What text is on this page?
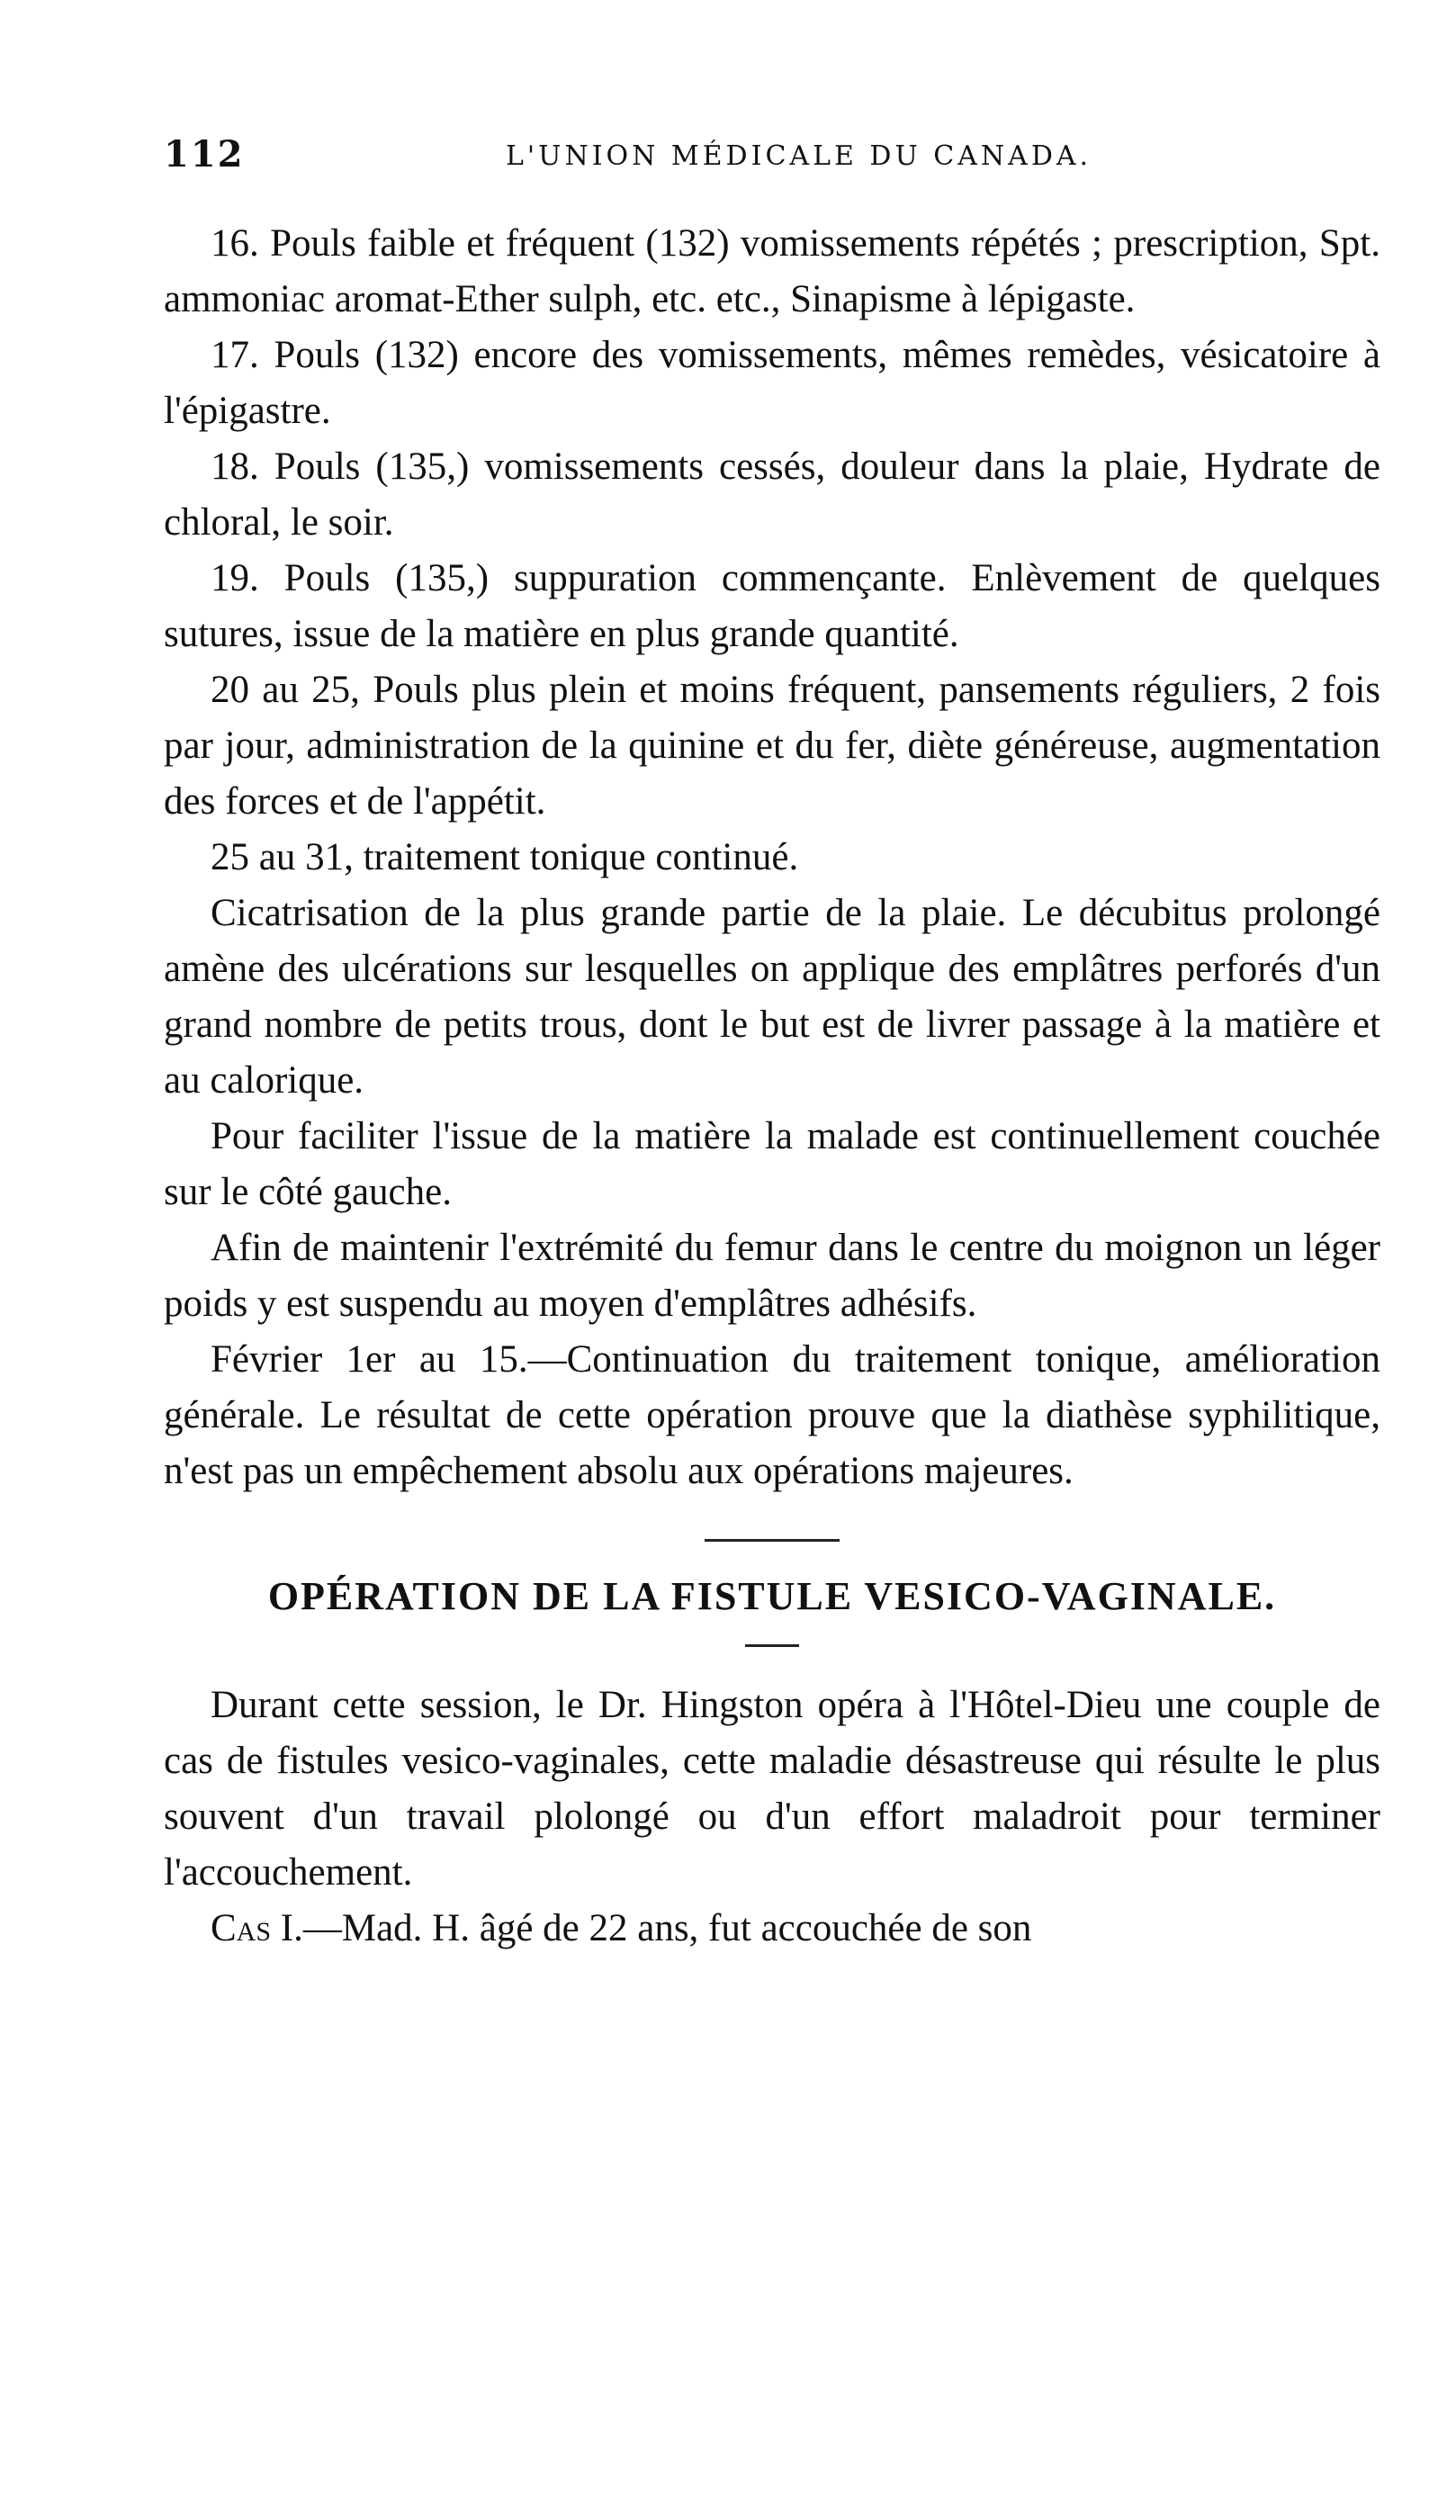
112	L'UNION MÉDICALE DU CANADA.

16. Pouls faible et fréquent (132) vomissements répétés ; prescription, Spt. ammoniac aromat-Ether sulph, etc. etc., Sinapisme à lépigaste.

17. Pouls (132) encore des vomissements, mêmes remèdes, vésicatoire à l'épigastre.

18. Pouls (135,) vomissements cessés, douleur dans la plaie, Hydrate de chloral, le soir.

19. Pouls (135,) suppuration commençante. Enlèvement de quelques sutures, issue de la matière en plus grande quantité.

20 au 25, Pouls plus plein et moins fréquent, pansements réguliers, 2 fois par jour, administration de la quinine et du fer, diète généreuse, augmentation des forces et de l'appétit.

25 au 31, traitement tonique continué.

Cicatrisation de la plus grande partie de la plaie. Le décubitus prolongé amène des ulcérations sur lesquelles on applique des emplâtres perforés d'un grand nombre de petits trous, dont le but est de livrer passage à la matière et au calorique.

Pour faciliter l'issue de la matière la malade est continuellement couchée sur le côté gauche.

Afin de maintenir l'extrémité du femur dans le centre du moignon un léger poids y est suspendu au moyen d'emplâtres adhésifs.

Février 1er au 15.—Continuation du traitement tonique, amélioration générale. Le résultat de cette opération prouve que la diathèse syphilitique, n'est pas un empêchement absolu aux opérations majeures.

OPÉRATION DE LA FISTULE VESICO-VAGINALE.

Durant cette session, le Dr. Hingston opéra à l'Hôtel-Dieu une couple de cas de fistules vesico-vaginales, cette maladie désastreuse qui résulte le plus souvent d'un travail plolongé ou d'un effort maladroit pour terminer l'accouchement.

Cas I.—Mad. H. âgé de 22 ans, fut accouchée de son
